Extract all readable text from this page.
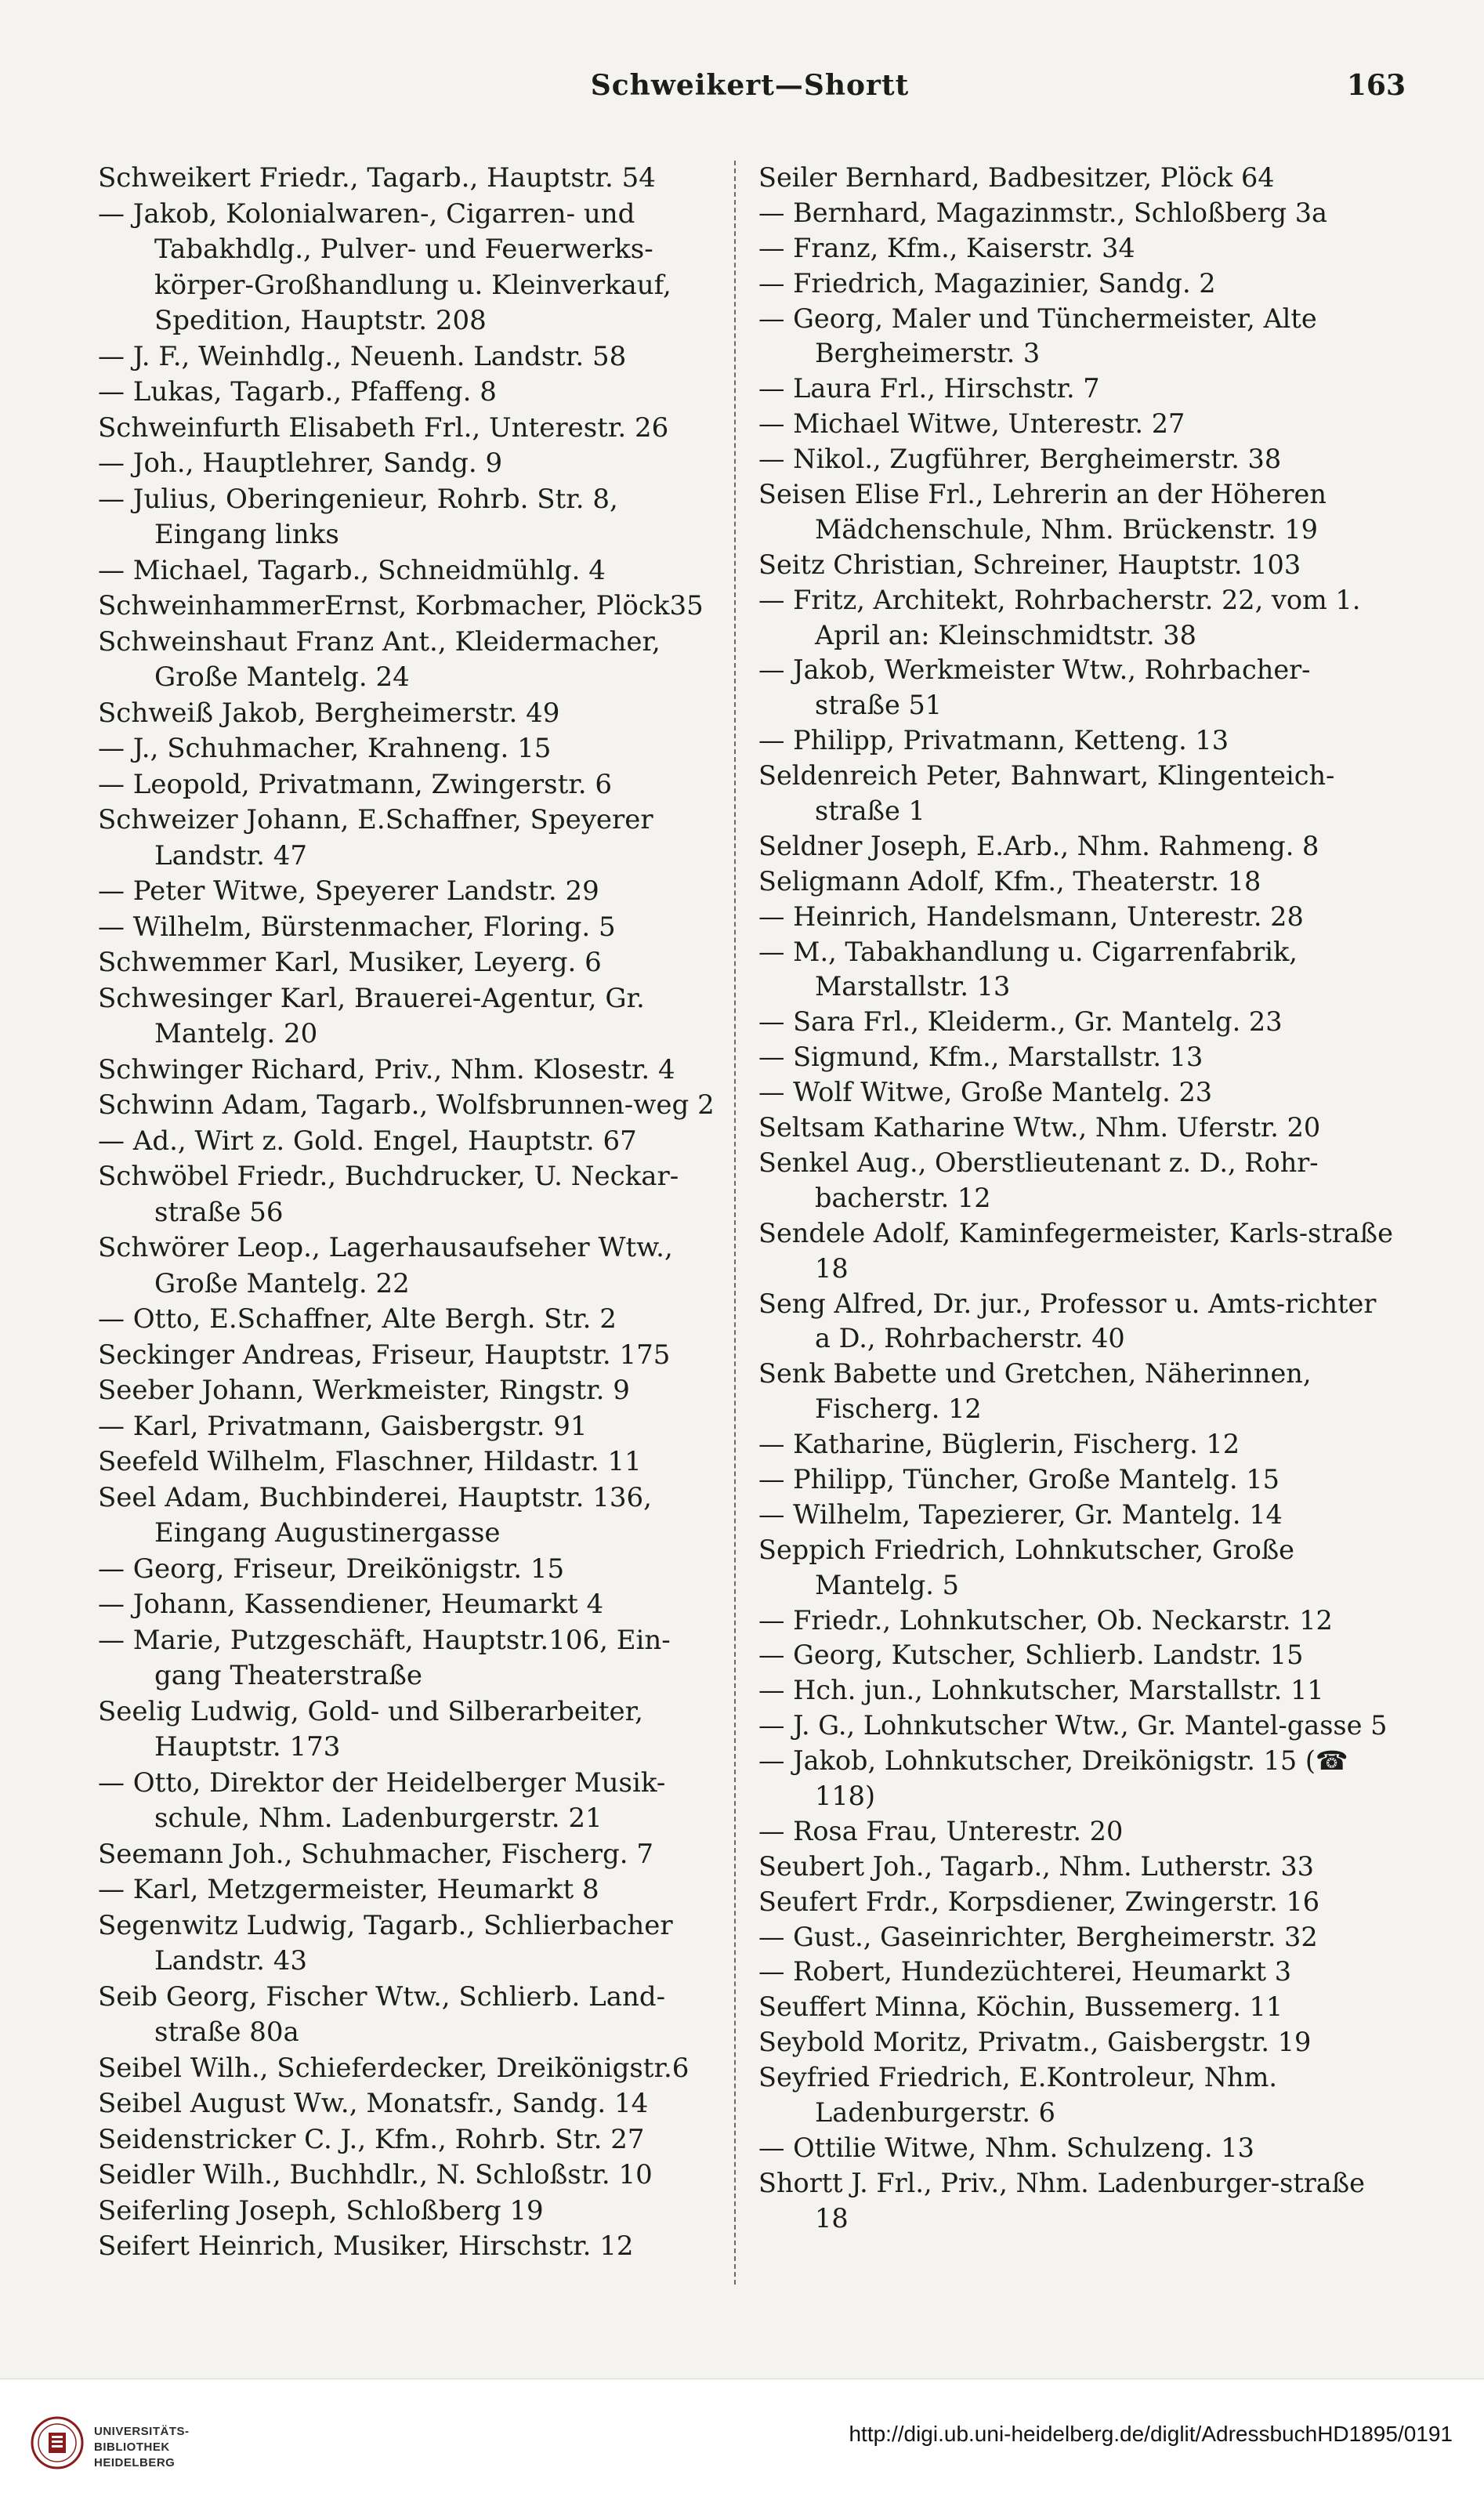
Schweikert—Shortt	163

Schweikert Friedr., Tagarb., Hauptstr. 54

— Jakob, Kolonialwaren-, Cigarren- und Tabakhdlg., Pulver- und Feuerwerks-körper-Großhandlung u. Kleinverkauf, Spedition, Hauptstr. 208

— J. F., Weinhdlg., Neuenh. Landstr. 58

— Lukas, Tagarb., Pfaffeng. 8

Schweinfurth Elisabeth Frl., Unterestr. 26

— Joh., Hauptlehrer, Sandg. 9

— Julius, Oberingenieur, Rohrb. Str. 8, Eingang links

— Michael, Tagarb., Schneidmühlg. 4

SchweinhammerErnst, Korbmacher, Plöck35

Schweinshaut Franz Ant., Kleidermacher, Große Mantelg. 24

Schweiß Jakob, Bergheimerstr. 49

— J., Schuhmacher, Krahneng. 15

— Leopold, Privatmann, Zwingerstr. 6

Schweizer Johann, E.Schaffner, Speyerer Landstr. 47

— Peter Witwe, Speyerer Landstr. 29

— Wilhelm, Bürstenmacher, Floring. 5

Schwemmer Karl, Musiker, Leyerg. 6

Schwesinger Karl, Brauerei-Agentur, Gr. Mantelg. 20

Schwinger Richard, Priv., Nhm. Klosestr. 4

Schwinn Adam, Tagarb., Wolfsbrunnen-weg 2

— Ad., Wirt z. Gold. Engel, Hauptstr. 67

Schwöbel Friedr., Buchdrucker, U. Neckar-straße 56

Schwörer Leop., Lagerhausaufseher Wtw., Große Mantelg. 22

— Otto, E.Schaffner, Alte Bergh. Str. 2

Seckinger Andreas, Friseur, Hauptstr. 175

Seeber Johann, Werkmeister, Ringstr. 9

— Karl, Privatmann, Gaisbergstr. 91

Seefeld Wilhelm, Flaschner, Hildastr. 11

Seel Adam, Buchbinderei, Hauptstr. 136, Eingang Augustinergasse

— Georg, Friseur, Dreikönigstr. 15

— Johann, Kassendiener, Heumarkt 4

— Marie, Putzgeschäft, Hauptstr.106, Ein-gang Theaterstraße

Seelig Ludwig, Gold- und Silberarbeiter, Hauptstr. 173

— Otto, Direktor der Heidelberger Musik-schule, Nhm. Ladenburgerstr. 21

Seemann Joh., Schuhmacher, Fischerg. 7

— Karl, Metzgermeister, Heumarkt 8

Segenwitz Ludwig, Tagarb., Schlierbacher Landstr. 43

Seib Georg, Fischer Wtw., Schlierb. Land-straße 80a

Seibel Wilh., Schieferdecker, Dreikönigstr.6

Seibel August Ww., Monatsfr., Sandg. 14

Seidenstricker C. J., Kfm., Rohrb. Str. 27

Seidler Wilh., Buchhdlr., N. Schloßstr. 10

Seiferling Joseph, Schloßberg 19

Seifert Heinrich, Musiker, Hirschstr. 12

Seiler Bernhard, Badbesitzer, Plöck 64

— Bernhard, Magazinmstr., Schloßberg 3a

— Franz, Kfm., Kaiserstr. 34

— Friedrich, Magazinier, Sandg. 2

— Georg, Maler und Tünchermeister, Alte Bergheimerstr. 3

— Laura Frl., Hirschstr. 7

— Michael Witwe, Unterestr. 27

— Nikol., Zugführer, Bergheimerstr. 38

Seisen Elise Frl., Lehrerin an der Höheren Mädchenschule, Nhm. Brückenstr. 19

Seitz Christian, Schreiner, Hauptstr. 103

— Fritz, Architekt, Rohrbacherstr. 22, vom 1. April an: Kleinschmidtstr. 38

— Jakob, Werkmeister Wtw., Rohrbacher-straße 51

— Philipp, Privatmann, Ketteng. 13

Seldenreich Peter, Bahnwart, Klingenteich-straße 1

Seldner Joseph, E.Arb., Nhm. Rahmeng. 8

Seligmann Adolf, Kfm., Theaterstr. 18

— Heinrich, Handelsmann, Unterestr. 28

— M., Tabakhandlung u. Cigarrenfabrik, Marstallstr. 13

— Sara Frl., Kleiderm., Gr. Mantelg. 23

— Sigmund, Kfm., Marstallstr. 13

— Wolf Witwe, Große Mantelg. 23

Seltsam Katharine Wtw., Nhm. Uferstr. 20

Senkel Aug., Oberstlieutenant z. D., Rohr-bacherstr. 12

Sendele Adolf, Kaminfegermeister, Karls-straße 18

Seng Alfred, Dr. jur., Professor u. Amts-richter a D., Rohrbacherstr. 40

Senk Babette und Gretchen, Näherinnen, Fischerg. 12

— Katharine, Büglerin, Fischerg. 12

— Philipp, Tüncher, Große Mantelg. 15

— Wilhelm, Tapezierer, Gr. Mantelg. 14

Seppich Friedrich, Lohnkutscher, Große Mantelg. 5

— Friedr., Lohnkutscher, Ob. Neckarstr. 12

— Georg, Kutscher, Schlierb. Landstr. 15

— Hch. jun., Lohnkutscher, Marstallstr. 11

— J. G., Lohnkutscher Wtw., Gr. Mantel-gasse 5

— Jakob, Lohnkutscher, Dreikönigstr. 15 (☎ 118)

— Rosa Frau, Unterestr. 20

Seubert Joh., Tagarb., Nhm. Lutherstr. 33

Seufert Frdr., Korpsdiener, Zwingerstr. 16

— Gust., Gaseinrichter, Bergheimerstr. 32

— Robert, Hundezüchterei, Heumarkt 3

Seuffert Minna, Köchin, Bussemerg. 11

Seybold Moritz, Privatm., Gaisbergstr. 19

Seyfried Friedrich, E.Kontroleur, Nhm. Ladenburgerstr. 6

— Ottilie Witwe, Nhm. Schulzeng. 13

Shortt J. Frl., Priv., Nhm. Ladenburger-straße 18

UNIVERSITÄTS-
BIBLIOTHEK
HEIDELBERG
http://digi.ub.uni-heidelberg.de/diglit/AdressbuchHD1895/0191
